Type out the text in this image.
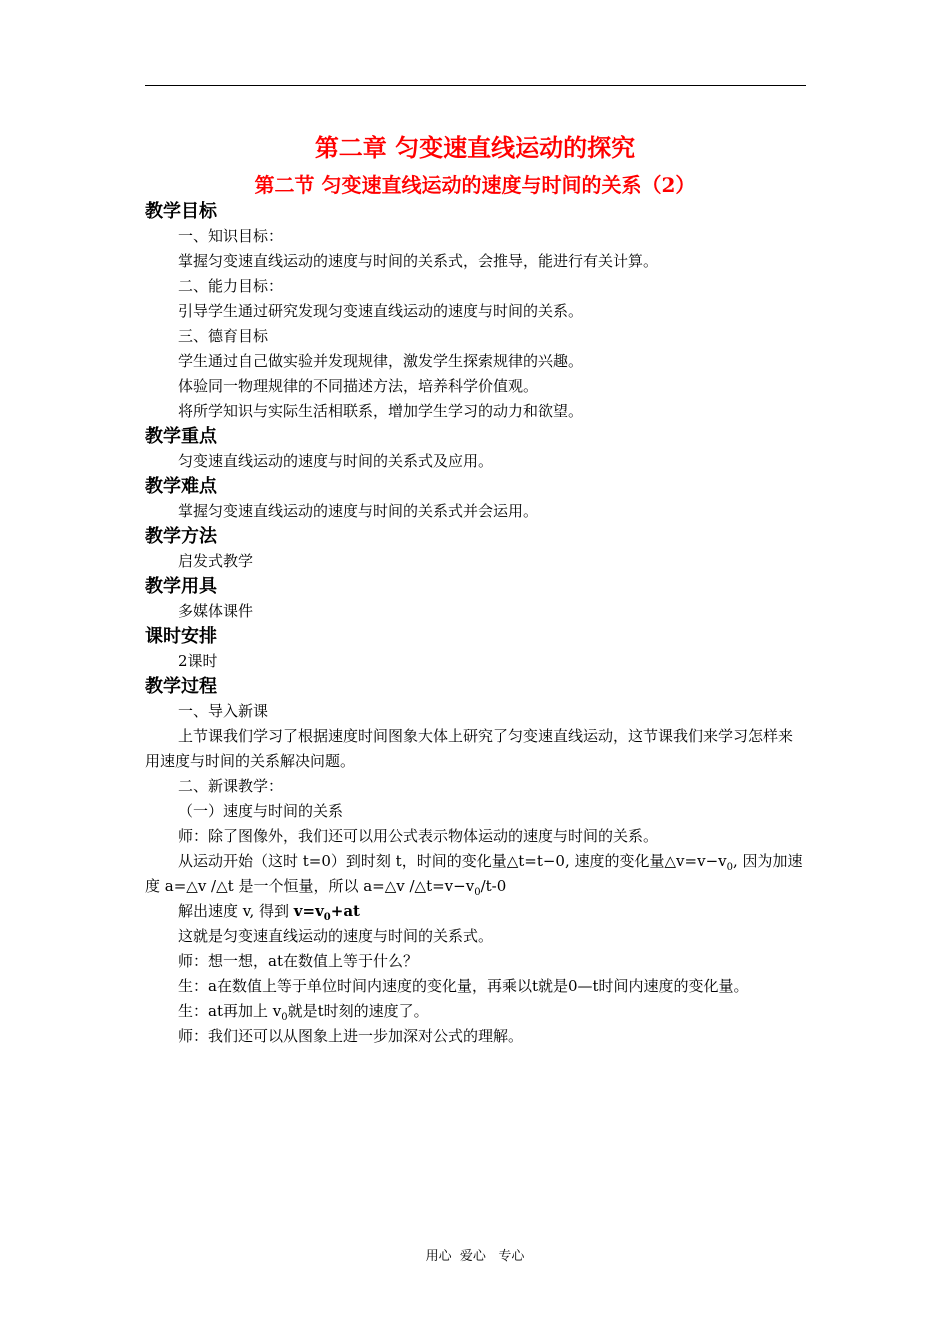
第二章 匀变速直线运动的探究
第二节 匀变速直线运动的速度与时间的关系（2）
教学目标
一、知识目标：
掌握匀变速直线运动的速度与时间的关系式，会推导，能进行有关计算。
二、能力目标：
引导学生通过研究发现匀变速直线运动的速度与时间的关系。
三、德育目标
学生通过自己做实验并发现规律，激发学生探索规律的兴趣。
体验同一物理规律的不同描述方法，培养科学价值观。
将所学知识与实际生活相联系，增加学生学习的动力和欲望。
教学重点
匀变速直线运动的速度与时间的关系式及应用。
教学难点
掌握匀变速直线运动的速度与时间的关系式并会运用。
教学方法
启发式教学
教学用具
多媒体课件
课时安排
2课时
教学过程
一、导入新课
上节课我们学习了根据速度时间图象大体上研究了匀变速直线运动，这节课我们来学习怎样来用速度与时间的关系解决问题。
二、新课教学：
（一）速度与时间的关系
师：除了图像外，我们还可以用公式表示物体运动的速度与时间的关系。
从运动开始（这时 t=0）到时刻 t，时间的变化量△t=t−0, 速度的变化量$\triangle v=v-v_0$, 因为加速度 a=△v /△t 是一个恒量，所以 a=△v $/\triangle t=v-v_0/t-0$
解出速度 v, 得到 $v=v_0+at$
这就是匀变速直线运动的速度与时间的关系式。
师：想一想，at在数值上等于什么？
生：a在数值上等于单位时间内速度的变化量，再乘以t就是0—t时间内速度的变化量。
生：at再加上 $v_0$就是t时刻的速度了。
师：我们还可以从图象上进一步加深对公式的理解。
用心  爱心   专心
